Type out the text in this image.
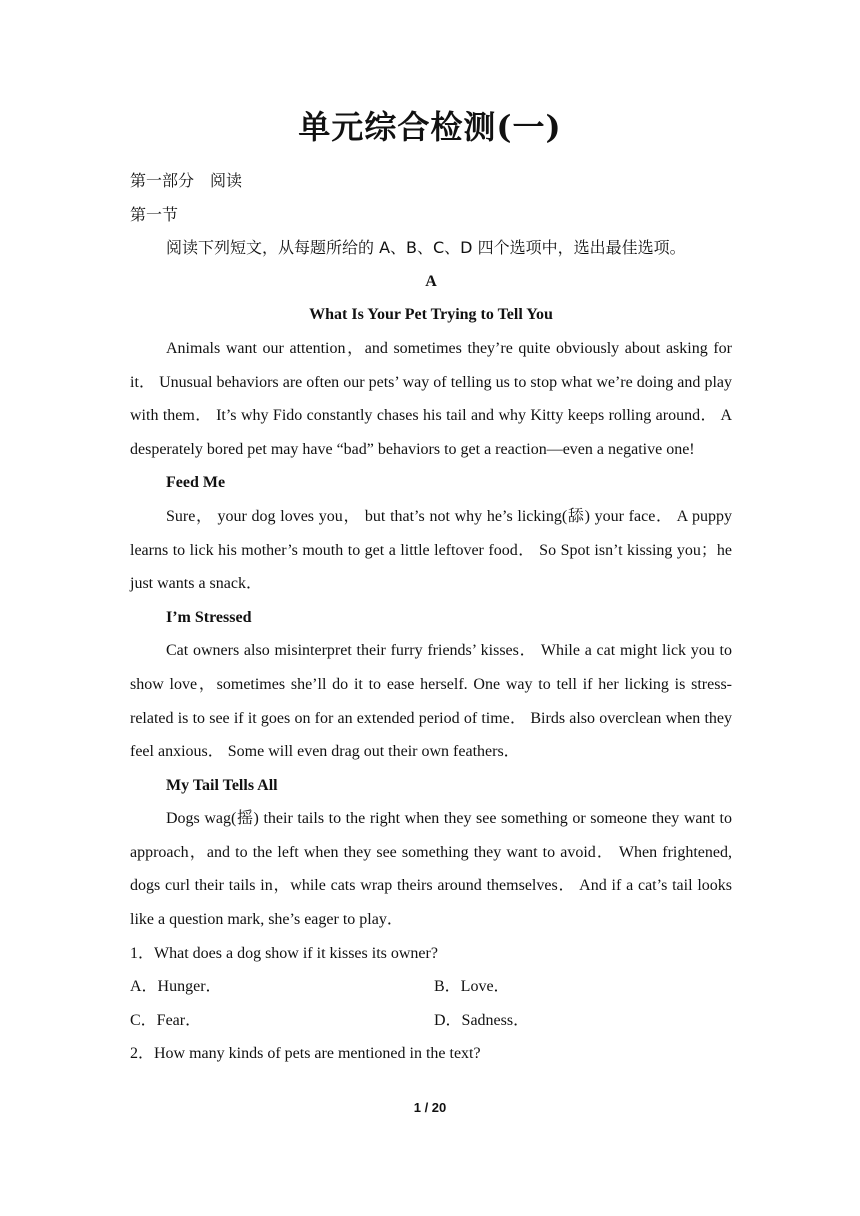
单元综合检测(一)

第一部分　阅读

第一节

阅读下列短文，从每题所给的 A、B、C、D 四个选项中，选出最佳选项。

A

What Is Your Pet Trying to Tell You

Animals want our attention，and sometimes they’re quite obviously about asking for it． Unusual behaviors are often our pets’ way of telling us to stop what we’re doing and play with them． It’s why Fido constantly chases his tail and why Kitty keeps rolling around． A desperately bored pet may have “bad” behaviors to get a reaction—even a negative one!

Feed Me

Sure， your dog loves you， but that’s not why he’s licking(舔) your face． A puppy learns to lick his mother’s mouth to get a little leftover food． So Spot isn’t kissing you；he just wants a snack．

I’m Stressed

Cat owners also misinterpret their furry friends’ kisses． While a cat might lick you to show love，sometimes she’ll do it to ease herself. One way to tell if her licking is stress-related is to see if it goes on for an extended period of time． Birds also overclean when they feel anxious． Some will even drag out their own feathers．

My Tail Tells All

Dogs wag(摇) their tails to the right when they see something or someone they want to approach，and to the left when they see something they want to avoid． When frightened, dogs curl their tails in，while cats wrap theirs around themselves． And if a cat’s tail looks like a question mark, she’s eager to play．

1．What does a dog show if it kisses its owner?

A．Hunger．	B．Love．
C．Fear．	D．Sadness．

2．How many kinds of pets are mentioned in the text?

1 / 20
